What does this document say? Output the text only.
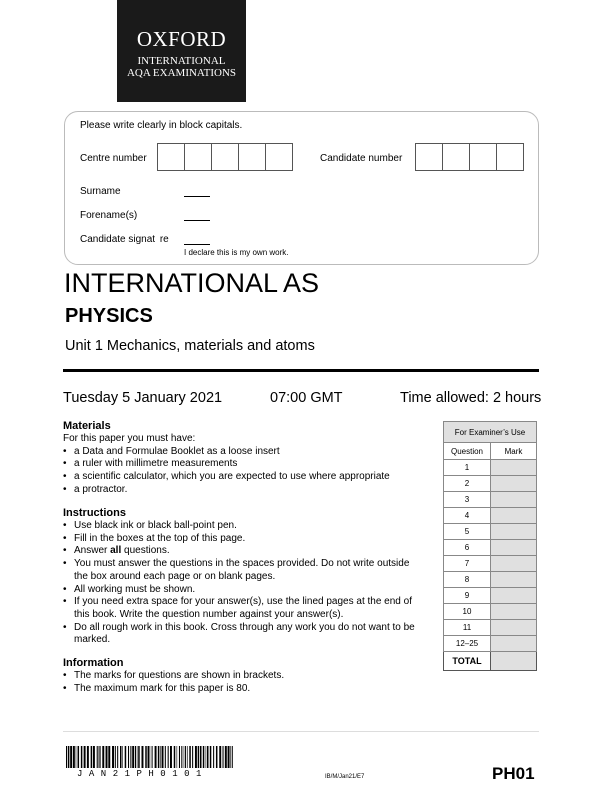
OXFORD
INTERNATIONAL
AQA EXAMINATIONS
Please write clearly in block capitals.
Centre number	Candidate number
Surname
Forename(s)
Candidate signat  re
I declare this is my own work.
INTERNATIONAL AS
PHYSICS
Unit 1 Mechanics, materials and atoms
Tuesday 5 January 2021	07:00 GMT	Time allowed: 2 hours
Materials

For this paper you must have:

• a Data and Formulae Booklet as a loose insert
• a ruler with millimetre measurements
• a scientific calculator, which you are expected to use where appropriate
• a protractor.
Instructions
• Use black ink or black ball-point pen.
• Fill in the boxes at the top of this page.
• Answer all questions.
• You must answer the questions in the spaces provided. Do not write outside the box around each page or on blank pages.
• All working must be shown.
• If you need extra space for your answer(s), use the lined pages at the end of this book. Write the question number against your answer(s).
• Do all rough work in this book. Cross through any work you do not want to be marked.
Information
• The marks for questions are shown in brackets.
• The maximum mark for this paper is 80.
For Examiner’s Use	
Question	Mark
1	
2	
3	
4	
5	
6	
7	
8	
9	
10	
11	
12–25	
TOTAL	
JAN21PH0101	IB/M/Jan21/E7	PH01
